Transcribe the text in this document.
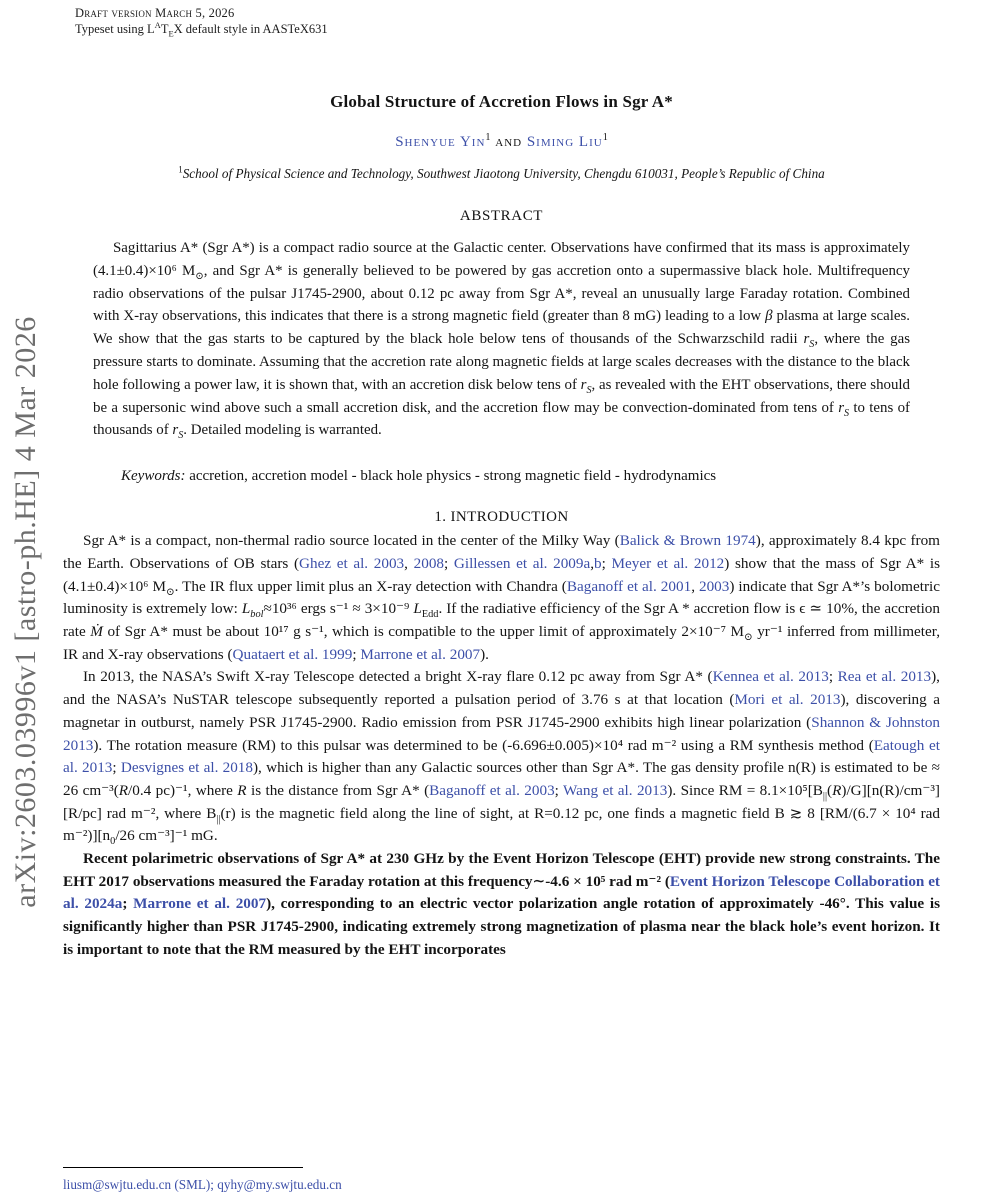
Draft version March 5, 2026
Typeset using $L^AT_EX$ default style in AASTeX631
arXiv:2603.03996v1 [astro-ph.HE] 4 Mar 2026
Global Structure of Accretion Flows in Sgr A*
Shenyue Yin$^1$ and Siming Liu$^1$
$^1$School of Physical Science and Technology, Southwest Jiaotong University, Chengdu 610031, People’s Republic of China
ABSTRACT

Sagittarius A* (Sgr A*) is a compact radio source at the Galactic center. Observations have confirmed that its mass is approximately (4.1±0.4)×10⁶ $M_⊙$, and Sgr A* is generally believed to be powered by gas accretion onto a supermassive black hole. Multifrequency radio observations of the pulsar J1745-2900, about 0.12 pc away from Sgr A*, reveal an unusually large Faraday rotation. Combined with X-ray observations, this indicates that there is a strong magnetic field (greater than 8 mG) leading to a low β plasma at large scales. We show that the gas starts to be captured by the black hole below tens of thousands of the Schwarzschild radii $r_S$, where the gas pressure starts to dominate. Assuming that the accretion rate along magnetic fields at large scales decreases with the distance to the black hole following a power law, it is shown that, with an accretion disk below tens of $r_S$, as revealed with the EHT observations, there should be a supersonic wind above such a small accretion disk, and the accretion flow may be convection-dominated from tens of $r_S$ to tens of thousands of $r_S$. Detailed modeling is warranted.

Keywords: accretion, accretion model - black hole physics - strong magnetic field - hydrodynamics

1. INTRODUCTION

Sgr A* is a compact, non-thermal radio source located in the center of the Milky Way (Balick & Brown 1974), approximately 8.4 kpc from the Earth. Observations of OB stars (Ghez et al. 2003, 2008; Gillessen et al. 2009a,b; Meyer et al. 2012) show that the mass of Sgr A* is (4.1±0.4)×10⁶ $M_⊙$. The IR flux upper limit plus an X-ray detection with Chandra (Baganoff et al. 2001, 2003) indicate that Sgr A*’s bolometric luminosity is extremely low: $L_{bol}\approx 10^{36}$ ergs s⁻¹ ≈ 3×10⁻⁹ $L_{Edd}$. If the radiative efficiency of the Sgr A * accretion flow is ϵ ≃ 10%, the accretion rate Ṁ of Sgr A* must be about 10¹⁷ g s⁻¹, which is compatible to the upper limit of approximately 2×10⁻⁷ $M_⊙$ yr⁻¹ inferred from millimeter, IR and X-ray observations (Quataert et al. 1999; Marrone et al. 2007).

In 2013, the NASA’s Swift X-ray Telescope detected a bright X-ray flare 0.12 pc away from Sgr A* (Kennea et al. 2013; Rea et al. 2013), and the NASA’s NuSTAR telescope subsequently reported a pulsation period of 3.76 s at that location (Mori et al. 2013), discovering a magnetar in outburst, namely PSR J1745-2900. Radio emission from PSR J1745-2900 exhibits high linear polarization (Shannon & Johnston 2013). The rotation measure (RM) to this pulsar was determined to be (-6.696±0.005)×10⁴ rad m⁻² using a RM synthesis method (Eatough et al. 2013; Desvignes et al. 2018), which is higher than any Galactic sources other than Sgr A*. The gas density profile n(R) is estimated to be ≈ 26 cm⁻³(R/0.4 pc)⁻¹, where R is the distance from Sgr A* (Baganoff et al. 2003; Wang et al. 2013). Since RM = $8.1\times 10^5[B_{||}(R)/G][n(R)/cm^{-3}][R/pc]$ rad m⁻², where $B_{||}(r)$ is the magnetic field along the line of sight, at R=0.12 pc, one finds a magnetic field B ≳ 8 [RM/(6.7 × 10⁴ rad $m^{-2})][n_0/26$ cm⁻³]⁻¹ mG.

Recent polarimetric observations of Sgr A* at 230 GHz by the Event Horizon Telescope (EHT) provide new strong constraints. The EHT 2017 observations measured the Faraday rotation at this frequency∼-4.6 × 10⁵ rad m⁻² (Event Horizon Telescope Collaboration et al. 2024a; Marrone et al. 2007), corresponding to an electric vector polarization angle rotation of approximately -46°. This value is significantly higher than PSR J1745-2900, indicating extremely strong magnetization of plasma near the black hole’s event horizon. It is important to note that the RM measured by the EHT incorporates

liusm@swjtu.edu.cn (SML); qyhy@my.swjtu.edu.cn
